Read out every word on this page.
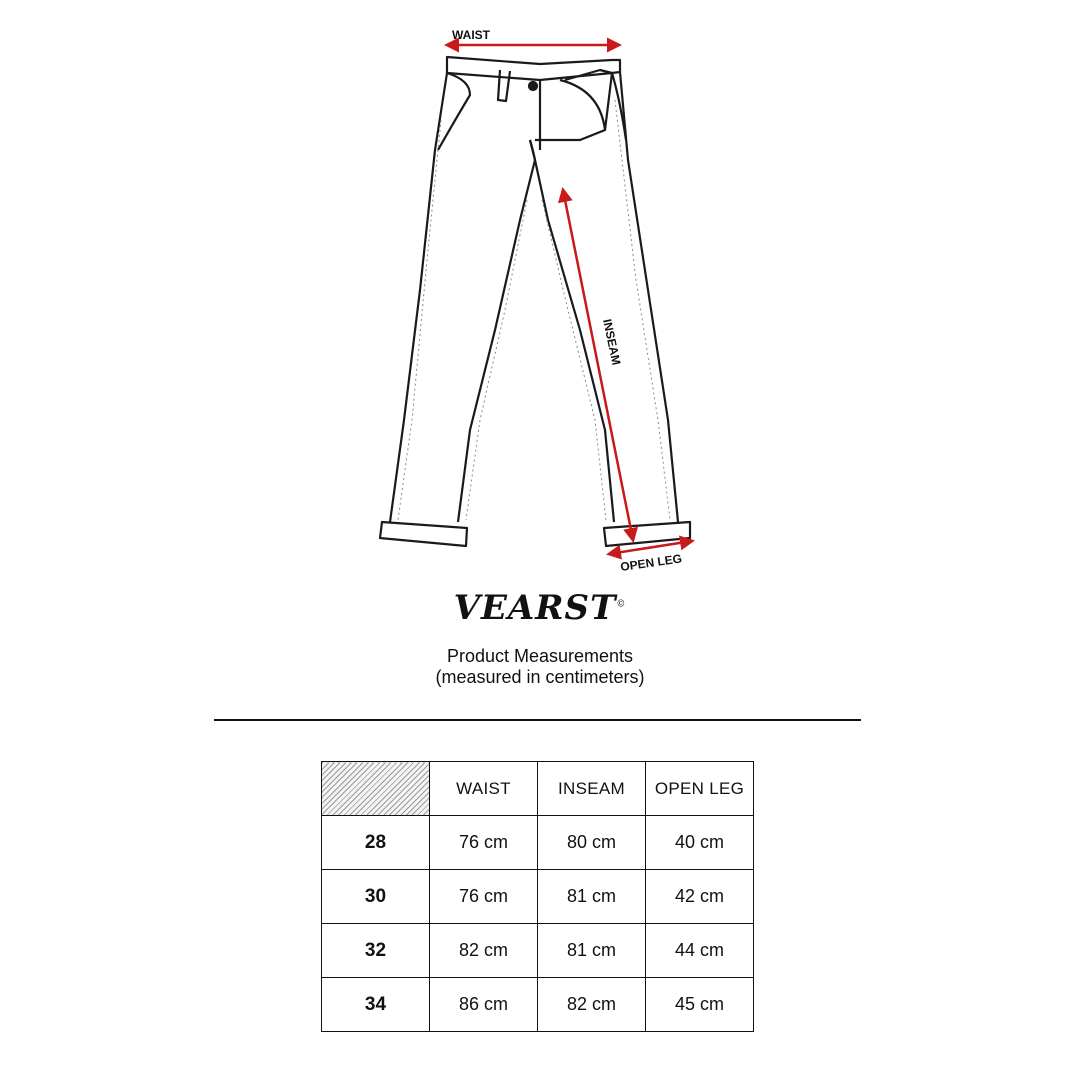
WAIST
INSEAM
OPEN LEG
VEARST©
Product Measurements
(measured in centimeters)
	WAIST	INSEAM	OPEN LEG
28	76 cm	80 cm	40 cm
30	76 cm	81 cm	42 cm
32	82 cm	81 cm	44 cm
34	86 cm	82 cm	45 cm
